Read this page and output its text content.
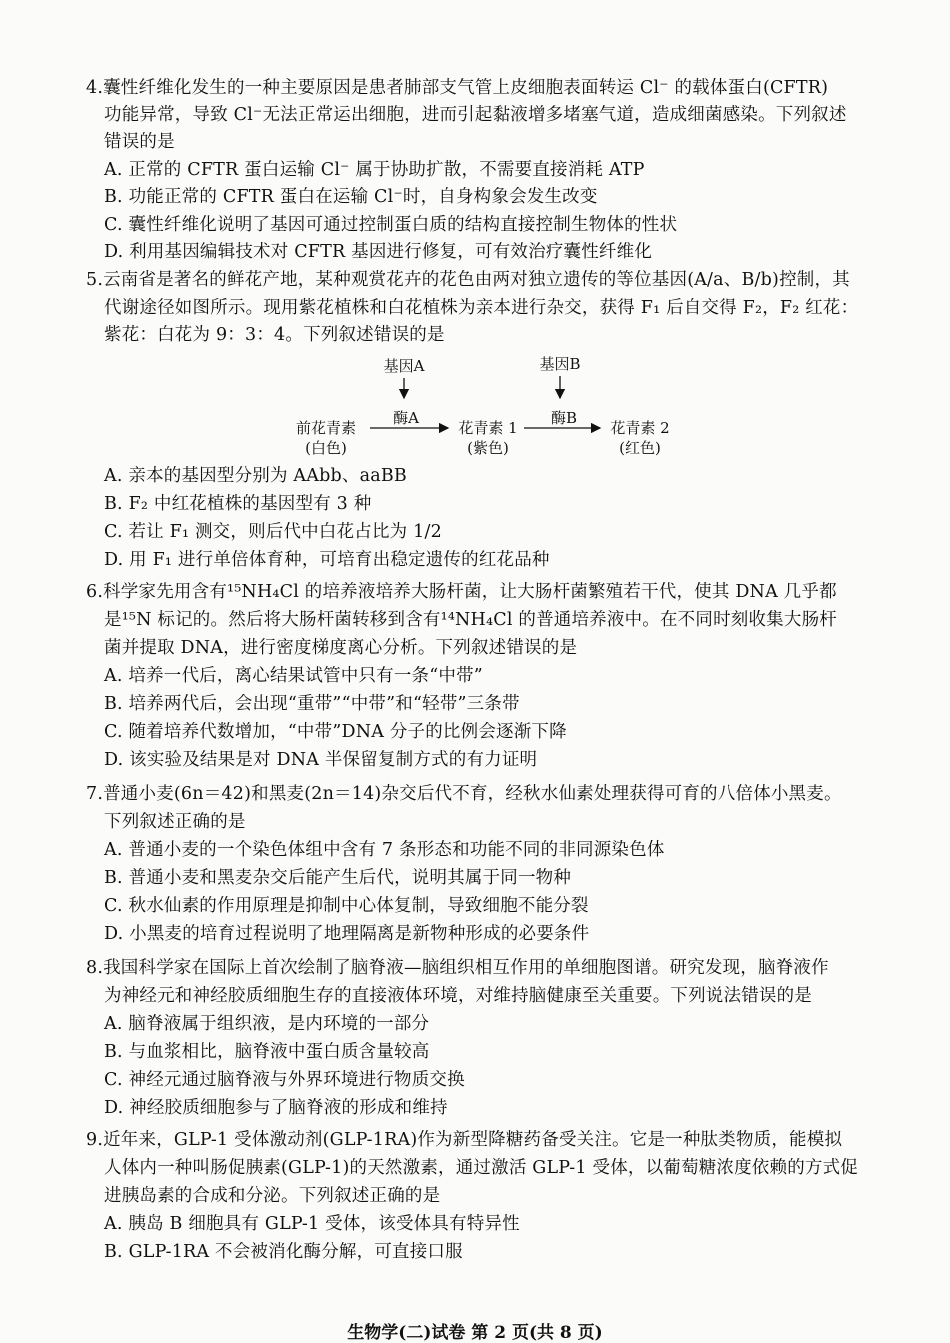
4.囊性纤维化发生的一种主要原因是患者肺部支气管上皮细胞表面转运 Cl⁻ 的载体蛋白(CFTR)
功能异常，导致 Cl⁻无法正常运出细胞，进而引起黏液增多堵塞气道，造成细菌感染。下列叙述
错误的是
A. 正常的 CFTR 蛋白运输 Cl⁻ 属于协助扩散，不需要直接消耗 ATP
B. 功能正常的 CFTR 蛋白在运输 Cl⁻时，自身构象会发生改变
C. 囊性纤维化说明了基因可通过控制蛋白质的结构直接控制生物体的性状
D. 利用基因编辑技术对 CFTR 基因进行修复，可有效治疗囊性纤维化
5.云南省是著名的鲜花产地，某种观赏花卉的花色由两对独立遗传的等位基因(A/a、B/b)控制，其
代谢途径如图所示。现用紫花植株和白花植株为亲本进行杂交，获得 F₁ 后自交得 F₂，F₂ 红花：
紫花：白花为 9：3：4。下列叙述错误的是
基因A	基因B
酶A	酶B
前花青素
(白色)
花青素 1
(紫色)
花青素 2
(红色)
A. 亲本的基因型分别为 AAbb、aaBB
B. F₂ 中红花植株的基因型有 3 种
C. 若让 F₁ 测交，则后代中白花占比为 1/2
D. 用 F₁ 进行单倍体育种，可培育出稳定遗传的红花品种
6.科学家先用含有¹⁵NH₄Cl 的培养液培养大肠杆菌，让大肠杆菌繁殖若干代，使其 DNA 几乎都
是¹⁵N 标记的。然后将大肠杆菌转移到含有¹⁴NH₄Cl 的普通培养液中。在不同时刻收集大肠杆
菌并提取 DNA，进行密度梯度离心分析。下列叙述错误的是
A. 培养一代后，离心结果试管中只有一条“中带”
B. 培养两代后，会出现“重带”“中带”和“轻带”三条带
C. 随着培养代数增加，“中带”DNA 分子的比例会逐渐下降
D. 该实验及结果是对 DNA 半保留复制方式的有力证明
7.普通小麦(6n＝42)和黑麦(2n＝14)杂交后代不育，经秋水仙素处理获得可育的八倍体小黑麦。
下列叙述正确的是
A. 普通小麦的一个染色体组中含有 7 条形态和功能不同的非同源染色体
B. 普通小麦和黑麦杂交后能产生后代，说明其属于同一物种
C. 秋水仙素的作用原理是抑制中心体复制，导致细胞不能分裂
D. 小黑麦的培育过程说明了地理隔离是新物种形成的必要条件
8.我国科学家在国际上首次绘制了脑脊液—脑组织相互作用的单细胞图谱。研究发现，脑脊液作
为神经元和神经胶质细胞生存的直接液体环境，对维持脑健康至关重要。下列说法错误的是
A. 脑脊液属于组织液，是内环境的一部分
B. 与血浆相比，脑脊液中蛋白质含量较高
C. 神经元通过脑脊液与外界环境进行物质交换
D. 神经胶质细胞参与了脑脊液的形成和维持
9.近年来，GLP-1 受体激动剂(GLP-1RA)作为新型降糖药备受关注。它是一种肽类物质，能模拟
人体内一种叫肠促胰素(GLP-1)的天然激素，通过激活 GLP-1 受体，以葡萄糖浓度依赖的方式促
进胰岛素的合成和分泌。下列叙述正确的是
A. 胰岛 B 细胞具有 GLP-1 受体，该受体具有特异性
B. GLP-1RA 不会被消化酶分解，可直接口服
生物学(二)试卷 第 2 页(共 8 页)
